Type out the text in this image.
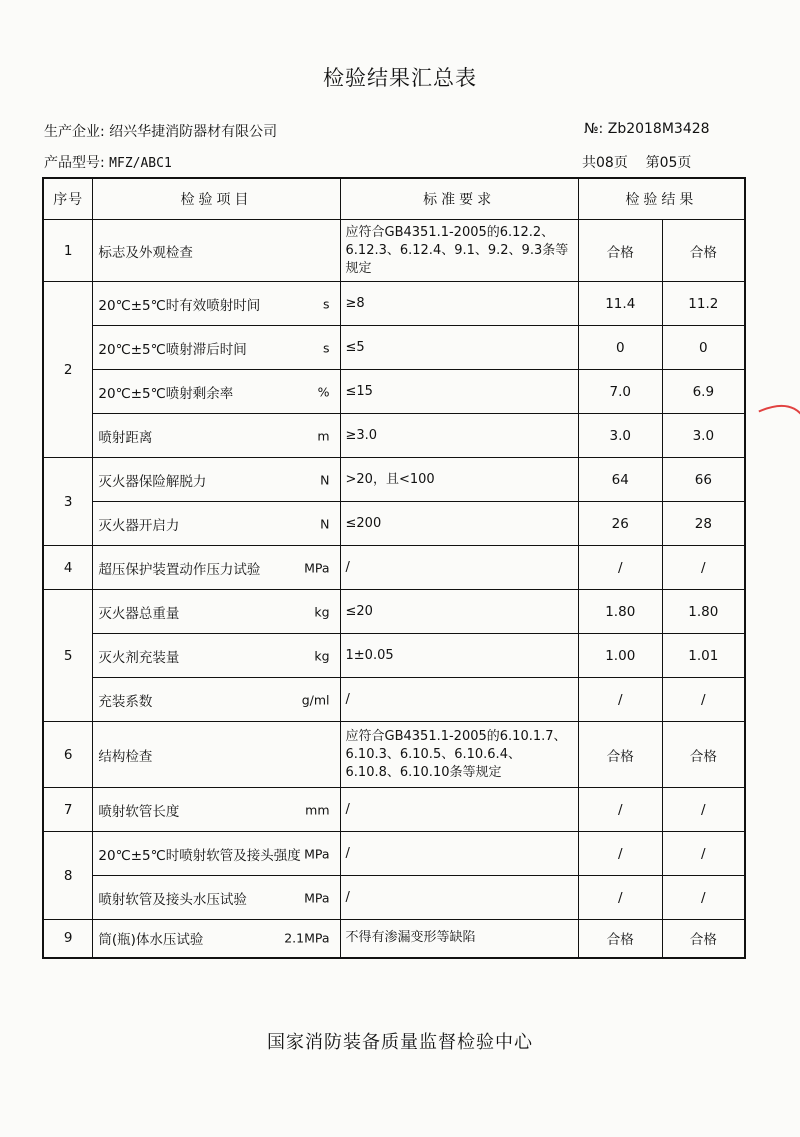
检验结果汇总表
生产企业: 绍兴华捷消防器材有限公司
产品型号: MFZ/ABC1
№: Zb2018M3428
共08页    第05页
序号	检验项目	标准要求	检验结果	
1	标志及外观检查	应符合GB4351.1-2005的6.12.2、6.12.3、6.12.4、9.1、9.2、9.3条等规定	合格	合格
2	20℃±5℃时有效喷射时间 s	≥8	11.4	11.2
	20℃±5℃喷射滞后时间 s	≤5	0	0
	20℃±5℃喷射剩余率 %	≤15	7.0	6.9
	喷射距离 m	≥3.0	3.0	3.0
3	灭火器保险解脱力 N	>20，且<100	64	66
	灭火器开启力 N	≤200	26	28
4	超压保护装置动作压力试验 MPa	/	/	/
5	灭火器总重量 kg	≤20	1.80	1.80
	灭火剂充装量 kg	1±0.05	1.00	1.01
	充装系数 g/ml	/	/	/
6	结构检查	应符合GB4351.1-2005的6.10.1.7、6.10.3、6.10.5、6.10.6.4、6.10.8、6.10.10条等规定	合格	合格
7	喷射软管长度 mm	/	/	/
8	20℃±5℃时喷射软管及接头强度 MPa	/	/	/
	喷射软管及接头水压试验 MPa	/	/	/
9	筒(瓶)体水压试验 2.1MPa	不得有渗漏变形等缺陷	合格	合格
国家消防装备质量监督检验中心
